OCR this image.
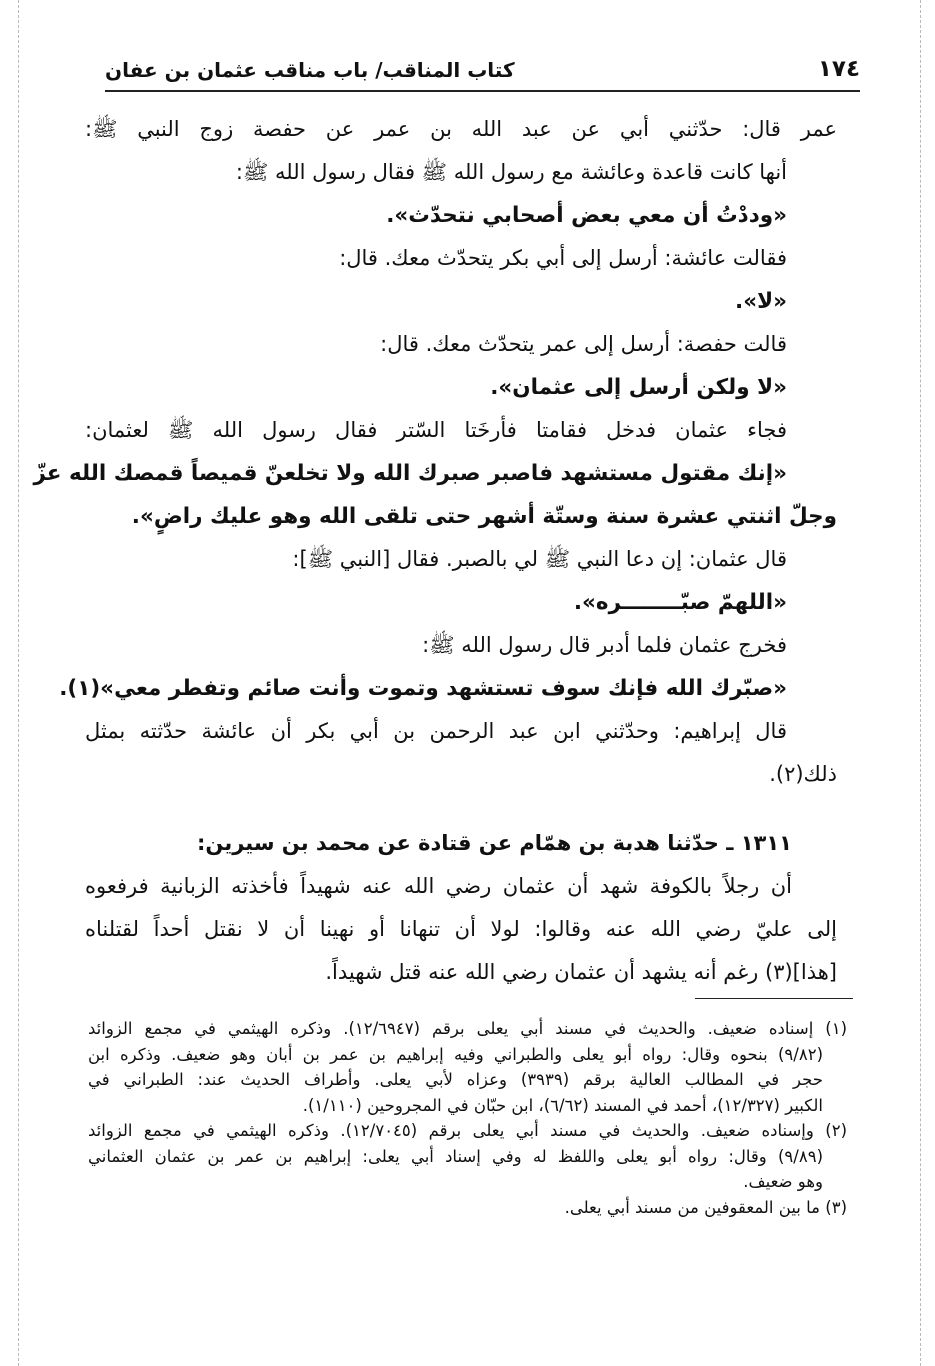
١٧٤
كتاب المناقب/ باب مناقب عثمان بن عفان
عمر قال: حدّثني أبي عن عبد الله بن عمر عن حفصة زوج النبي ﷺ:
أنها كانت قاعدة وعائشة مع رسول الله ﷺ فقال رسول الله ﷺ:
«وددْتُ أن معي بعض أصحابي نتحدّث».
فقالت عائشة: أرسل إلى أبي بكر يتحدّث معك. قال:
«لا».
قالت حفصة: أرسل إلى عمر يتحدّث معك. قال:
«لا ولكن أرسل إلى عثمان».
فجاء عثمان فدخل فقامتا فأرخَتا السّتر فقال رسول الله ﷺ لعثمان:
«إنك مقتول مستشهد فاصبر صبرك الله ولا تخلعنّ قميصاً قمصك الله عزّ
وجلّ اثنتي عشرة سنة وستّة أشهر حتى تلقى الله وهو عليك راضٍ».
قال عثمان: إن دعا النبي ﷺ لي بالصبر. فقال [النبي ﷺ]:
«اللهمّ صبّــــــــره».
فخرج عثمان فلما أدبر قال رسول الله ﷺ:
«صبّرك الله فإنك سوف تستشهد وتموت وأنت صائم وتفطر معي»(١).
قال إبراهيم: وحدّثني ابن عبد الرحمن بن أبي بكر أن عائشة حدّثته بمثل
ذلك(٢).
١٣١١ ـ حدّثنا هدبة بن همّام عن قتادة عن محمد بن سيرين:
أن رجلاً بالكوفة شهد أن عثمان رضي الله عنه شهيداً فأخذته الزبانية فرفعوه
إلى عليّ رضي الله عنه وقالوا: لولا أن تنهانا أو نهينا أن لا نقتل أحداً لقتلناه
[هذا](٣) رغم أنه يشهد أن عثمان رضي الله عنه قتل شهيداً.
(١) إسناده ضعيف. والحديث في مسند أبي يعلى برقم (١٢/٦٩٤٧). وذكره الهيثمي في مجمع الزوائد
(٩/٨٢) بنحوه وقال: رواه أبو يعلى والطبراني وفيه إبراهيم بن عمر بن أبان وهو ضعيف. وذكره ابن
حجر في المطالب العالية برقم (٣٩٣٩) وعزاه لأبي يعلى. وأطراف الحديث عند: الطبراني في
الكبير (١٢/٣٢٧)، أحمد في المسند (٦/٦٢)، ابن حبّان في المجروحين (١/١١٠).
(٢) وإسناده ضعيف. والحديث في مسند أبي يعلى برقم (١٢/٧٠٤٥). وذكره الهيثمي في مجمع الزوائد
(٩/٨٩) وقال: رواه أبو يعلى واللفظ له وفي إسناد أبي يعلى: إبراهيم بن عمر بن عثمان العثماني
وهو ضعيف.
(٣) ما بين المعقوفين من مسند أبي يعلى.
